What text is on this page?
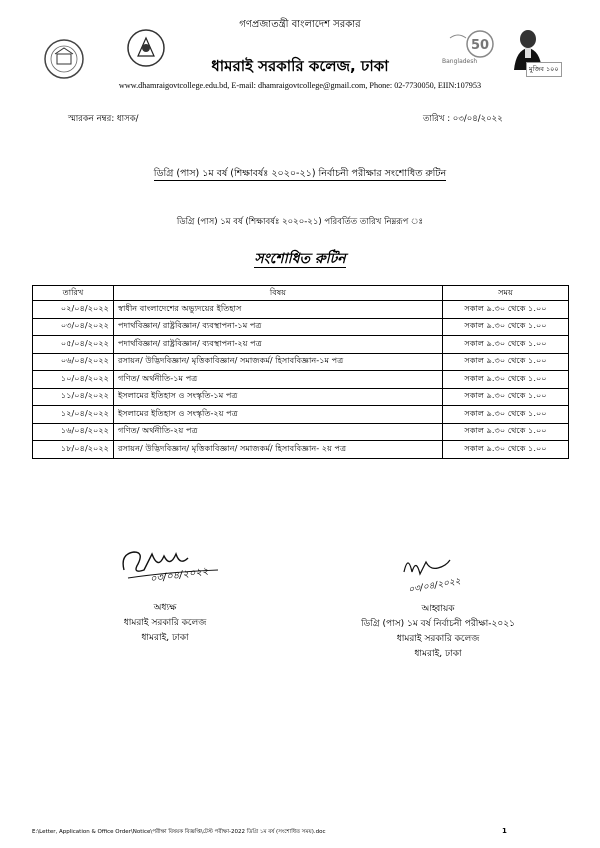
গণপ্রজাতন্ত্রী বাংলাদেশ সরকার
50
Bangladesh
মুজিব ১০০
ধামরাই সরকারি কলেজ, ঢাকা
www.dhamraigovtcollege.edu.bd, E-mail: dhamraigovtcollege@gmail.com, Phone: 02-7730050, EIIN:107953
স্মারকন নম্বর: ধাসক/	তারিখ : ০৩/০৪/২০২২
ডিগ্রি (পাস) ১ম বর্ষ (শিক্ষাবর্ষঃ ২০২০-২১) নির্বাচনী পরীক্ষার সংশোধিত রুটিন
ডিগ্রি (পাস) ১ম বর্ষ (শিক্ষাবর্ষঃ ২০২০-২১) পরিবর্তিত তারিখ নিম্নরূপ ঃ
সংশোধিত রুটিন
তারিখ	বিষয়	সময়
০২/০৪/২০২২	স্বাধীন বাংলাদেশের অভ্যুদয়ের ইতিহাস	সকাল ৯.৩০ থেকে ১.০০
০৩/০৪/২০২২	পদার্থবিজ্ঞান/ রাষ্ট্রবিজ্ঞান/ ব্যবস্থাপনা-১ম পত্র	সকাল ৯.৩০ থেকে ১.০০
০৫/০৪/২০২২	পদার্থবিজ্ঞান/ রাষ্ট্রবিজ্ঞান/ ব্যবস্থাপনা-২য় পত্র	সকাল ৯.৩০ থেকে ১.০০
০৬/০৪/২০২২	রসায়ন/ উদ্ভিদবিজ্ঞান/ মৃত্তিকাবিজ্ঞান/ সমাজকর্ম/ হিসাববিজ্ঞান-১ম পত্র	সকাল ৯.৩০ থেকে ১.০০
১০/০৪/২০২২	গণিত/ অর্থনীতি-১ম পত্র	সকাল ৯.৩০ থেকে ১.০০
১১/০৪/২০২২	ইসলামের ইতিহাস ও সংস্কৃতি-১ম পত্র	সকাল ৯.৩০ থেকে ১.০০
১২/০৪/২০২২	ইসলামের ইতিহাস ও সংস্কৃতি-২য় পত্র	সকাল ৯.৩০ থেকে ১.০০
১৬/০৪/২০২২	গণিত/ অর্থনীতি-২য় পত্র	সকাল ৯.৩০ থেকে ১.০০
১৮/০৪/২০২২	রসায়ন/ উদ্ভিদবিজ্ঞান/ মৃত্তিকাবিজ্ঞান/ সমাজকর্ম/ হিসাববিজ্ঞান- ২য় পত্র	সকাল ৯.৩০ থেকে ১.০০
০৩/০৪/২০২২
অধ্যক্ষ
ধামরাই সরকারি কলেজ
ধামরাই, ঢাকা
০৩/০৪/২০২২
আহ্বায়ক
ডিগ্রি (পাস) ১ম বর্ষ নির্বাচনী পরীক্ষা-২০২১
ধামরাই সরকারি কলেজ
ধামরাই, ঢাকা
E:\Letter, Application & Office Order\Notice\পরীক্ষা বিষয়ক বিজ্ঞপ্তি\টেস্ট পরীক্ষা-2022 ডিগ্রি ১ম বর্ষ (সংশোধিত সময়).doc	1
